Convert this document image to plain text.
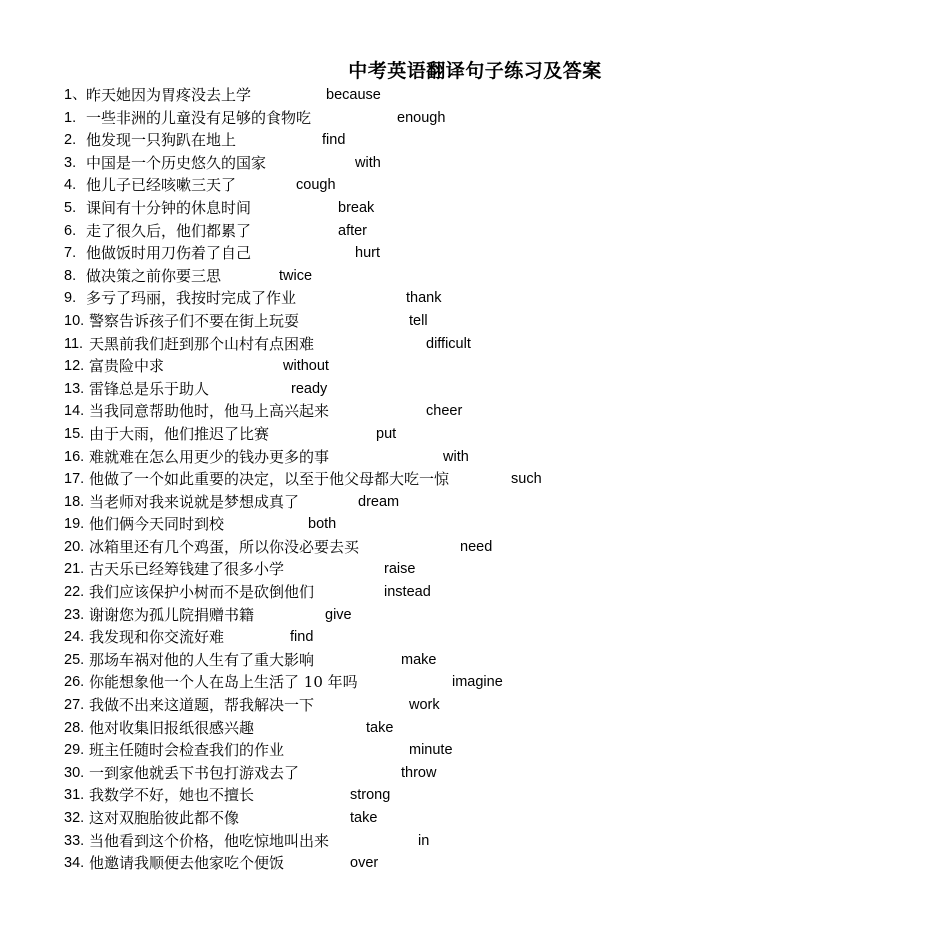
中考英语翻译句子练习及答案
1、 昨天她因为胃疼没去上学	because
1. 一些非洲的儿童没有足够的食物吃	enough
2. 他发现一只狗趴在地上	find
3. 中国是一个历史悠久的国家	with
4. 他儿子已经咳嗽三天了	cough
5. 课间有十分钟的休息时间	break
6. 走了很久后，他们都累了	after
7. 他做饭时用刀伤着了自己	hurt
8. 做决策之前你要三思	twice
9. 多亏了玛丽，我按时完成了作业	thank
10. 警察告诉孩子们不要在街上玩耍	tell
11. 天黑前我们赶到那个山村有点困难	difficult
12. 富贵险中求	without
13. 雷锋总是乐于助人	ready
14. 当我同意帮助他时，他马上高兴起来	cheer
15. 由于大雨，他们推迟了比赛	put
16. 难就难在怎么用更少的钱办更多的事	with
17. 他做了一个如此重要的决定，以至于他父母都大吃一惊	such
18. 当老师对我来说就是梦想成真了	dream
19. 他们俩今天同时到校	both
20. 冰箱里还有几个鸡蛋，所以你没必要去买	need
21. 古天乐已经筹钱建了很多小学	raise
22. 我们应该保护小树而不是砍倒他们	instead
23. 谢谢您为孤儿院捐赠书籍	give
24. 我发现和你交流好难	find
25. 那场车祸对他的人生有了重大影响	make
26. 你能想象他一个人在岛上生活了 10 年吗	imagine
27. 我做不出来这道题，帮我解决一下	work
28. 他对收集旧报纸很感兴趣	take
29. 班主任随时会检查我们的作业	minute
30. 一到家他就丢下书包打游戏去了	throw
31. 我数学不好，她也不擅长	strong
32. 这对双胞胎彼此都不像	take
33. 当他看到这个价格，他吃惊地叫出来	in
34. 他邀请我顺便去他家吃个便饭	over
